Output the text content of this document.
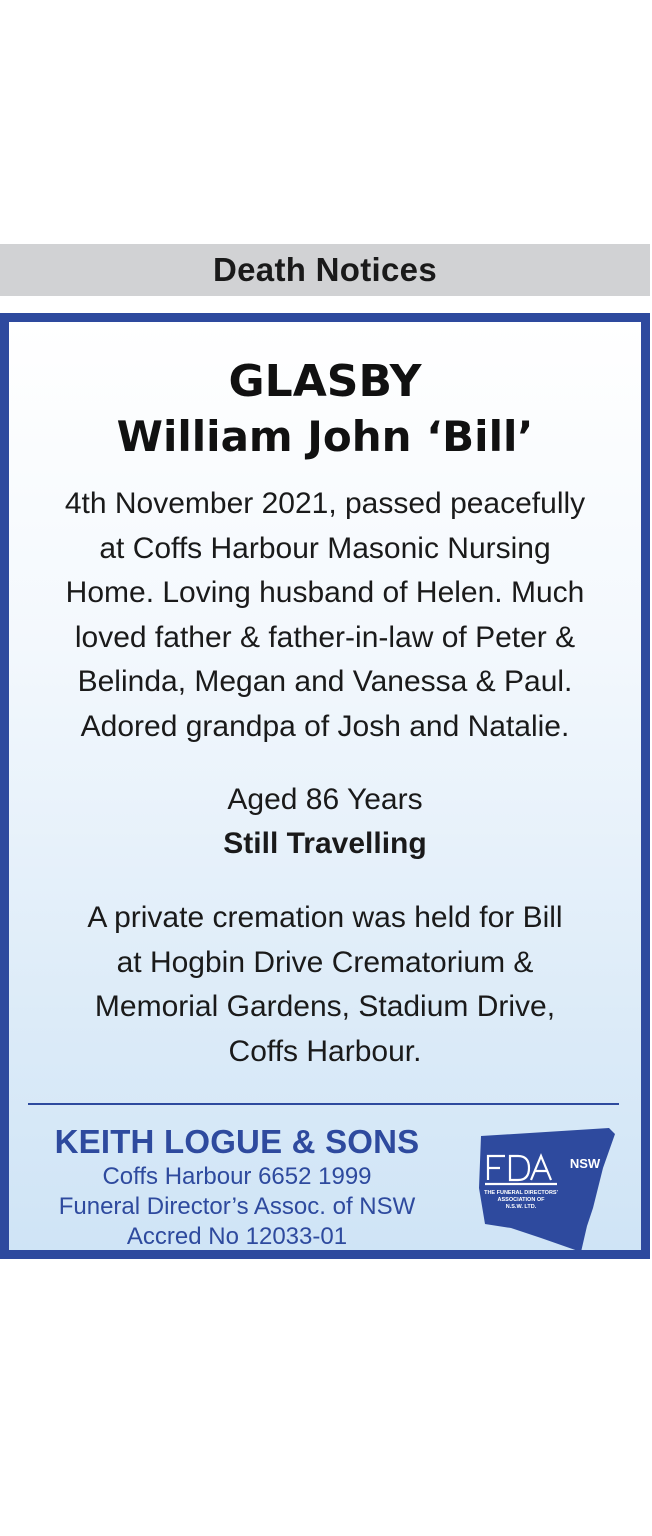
Death Notices
GLASBY
William John ‘Bill’
4th November 2021, passed peacefully
at Coffs Harbour Masonic Nursing
Home. Loving husband of Helen. Much
loved father & father-in-law of Peter &
Belinda, Megan and Vanessa & Paul.
Adored grandpa of Josh and Natalie.
Aged 86 Years
Still Travelling
A private cremation was held for Bill
at Hogbin Drive Crematorium &
Memorial Gardens, Stadium Drive,
Coffs Harbour.
KEITH LOGUE & SONS
Coffs Harbour 6652 1999
Funeral Director’s Assoc. of NSW
Accred No 12033-01
NSW
THE FUNERAL DIRECTORS'
ASSOCIATION OF
N.S.W. LTD.
